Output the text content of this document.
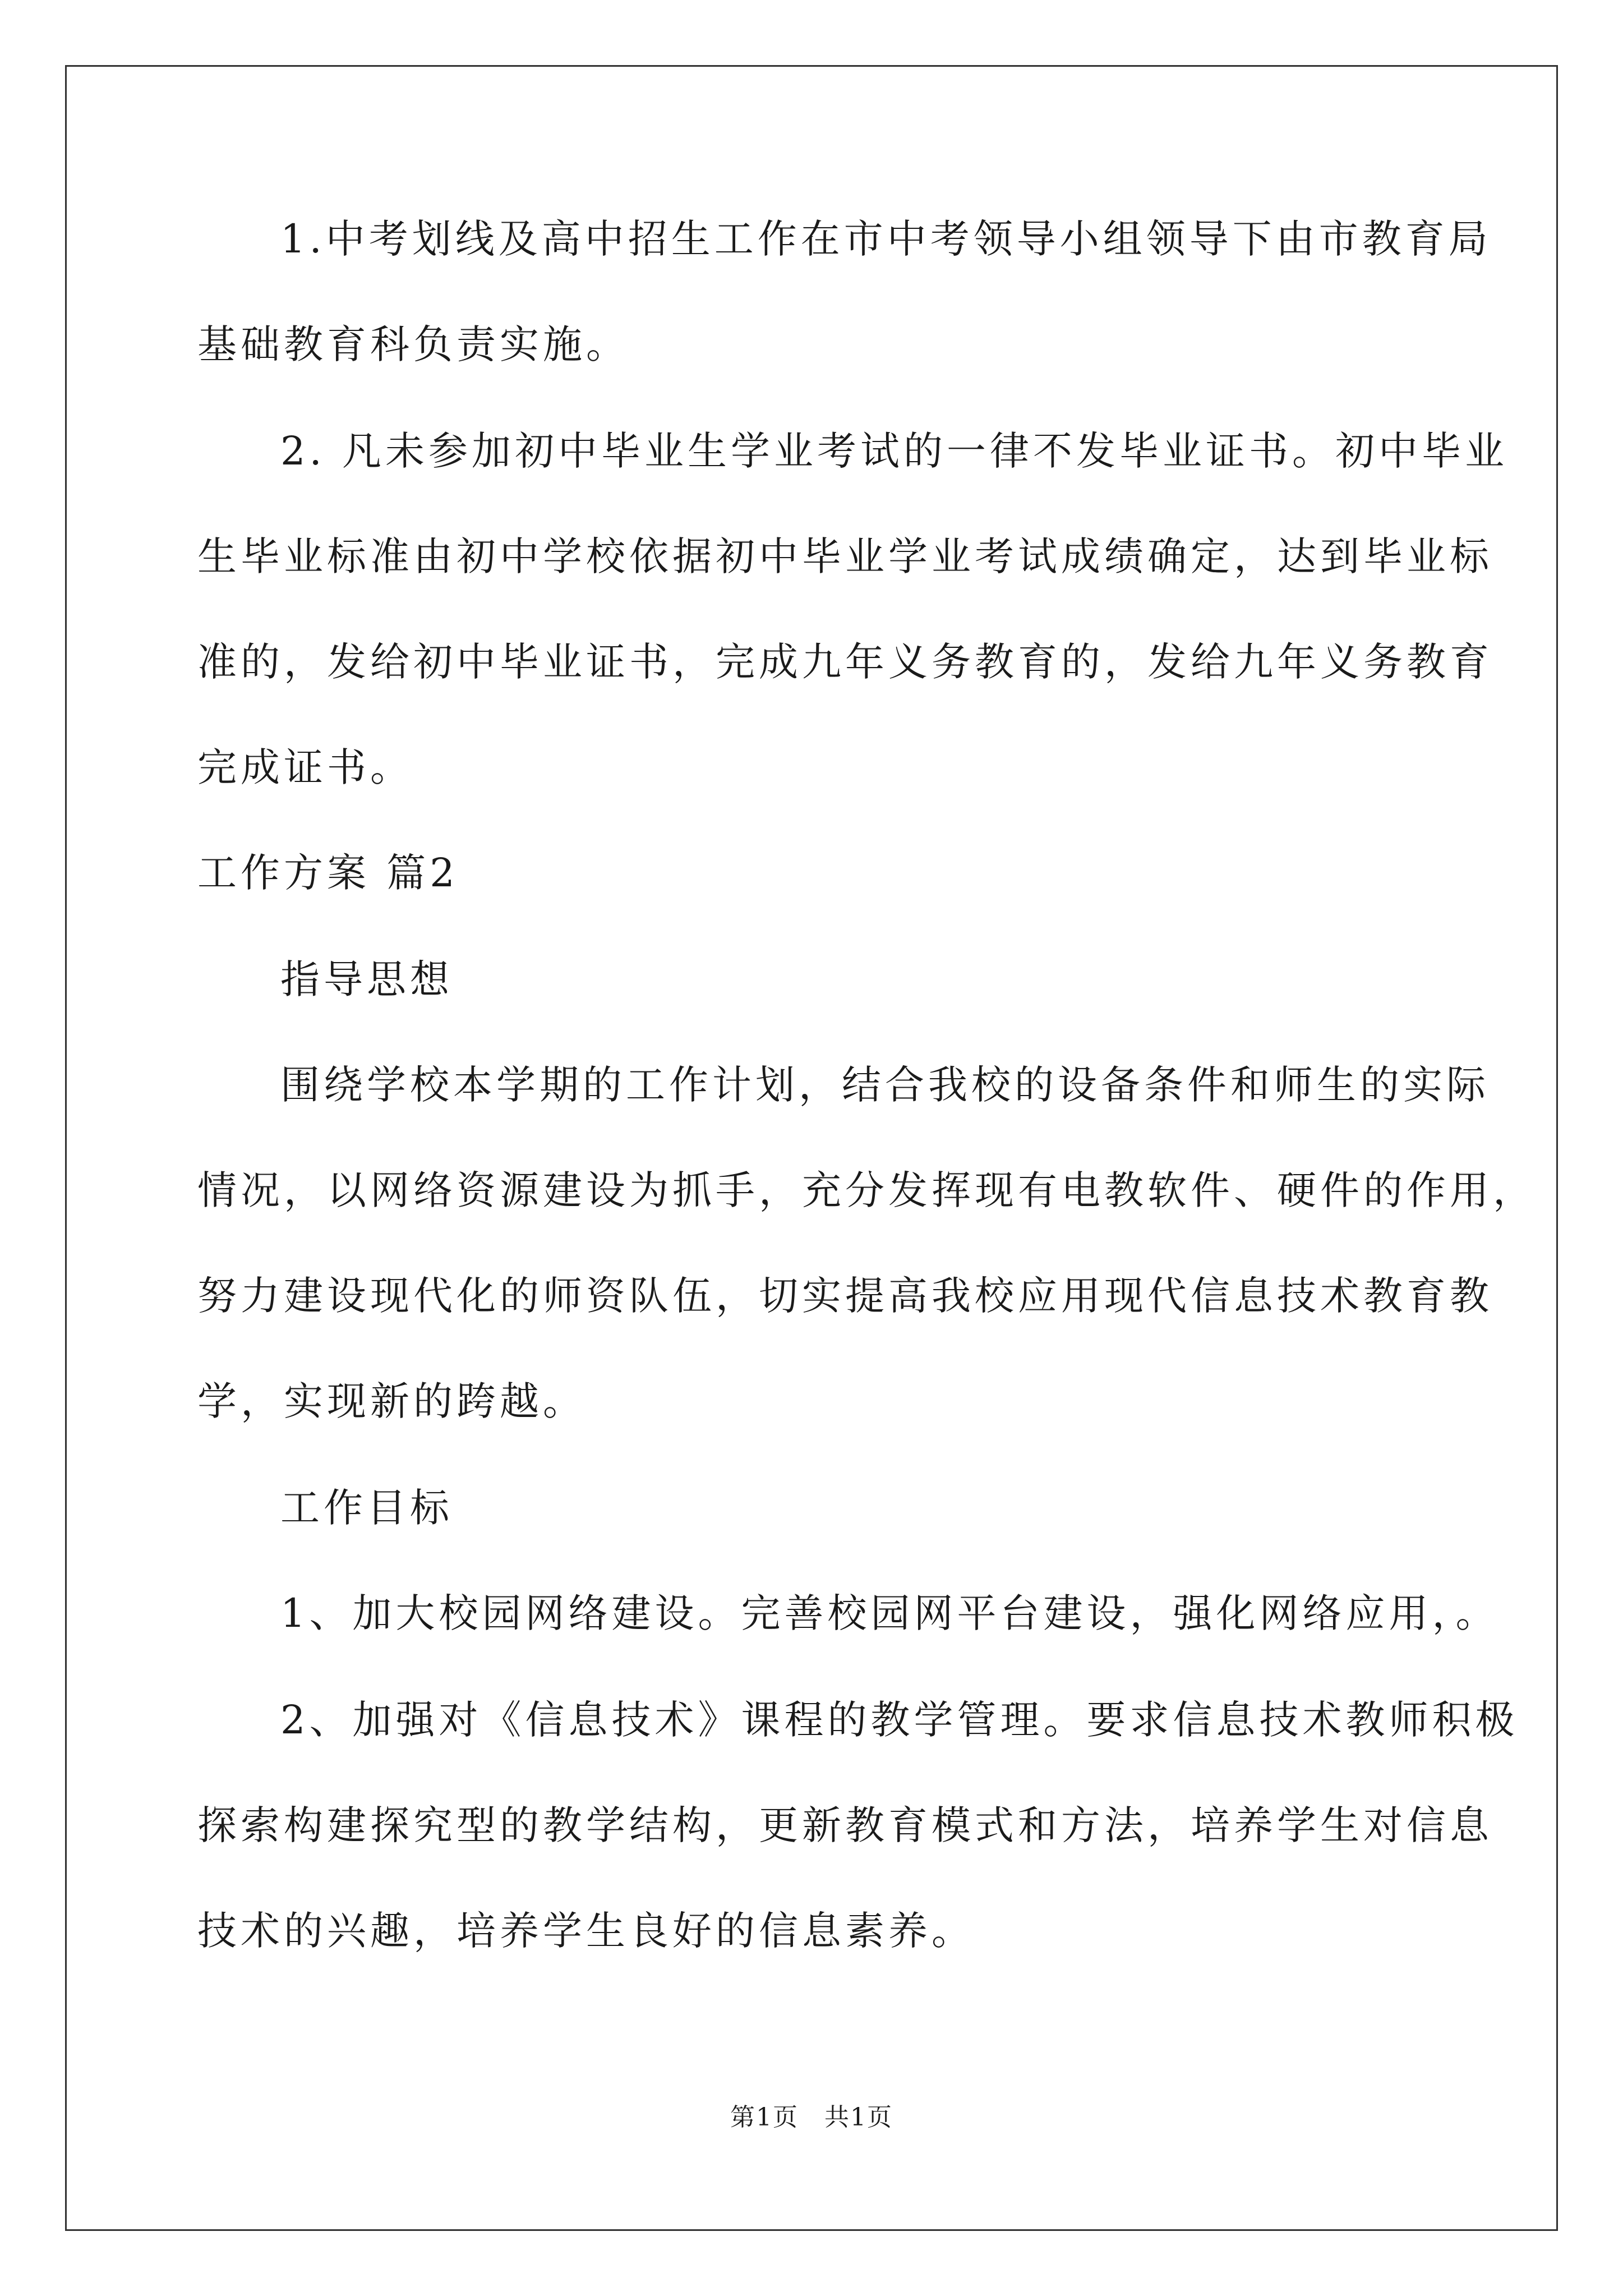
1.中考划线及高中招生工作在市中考领导小组领导下由市教育局
基础教育科负责实施。
2. 凡未参加初中毕业生学业考试的一律不发毕业证书。初中毕业
生毕业标准由初中学校依据初中毕业学业考试成绩确定，达到毕业标
准的，发给初中毕业证书，完成九年义务教育的，发给九年义务教育
完成证书。
工作方案 篇2
指导思想
围绕学校本学期的工作计划，结合我校的设备条件和师生的实际
情况，以网络资源建设为抓手，充分发挥现有电教软件、硬件的作用，
努力建设现代化的师资队伍，切实提高我校应用现代信息技术教育教
学，实现新的跨越。
工作目标
1、加大校园网络建设。完善校园网平台建设，强化网络应用，。
2、加强对《信息技术》课程的教学管理。要求信息技术教师积极
探索构建探究型的教学结构，更新教育模式和方法，培养学生对信息
技术的兴趣，培养学生良好的信息素养。
第1页　共1页
